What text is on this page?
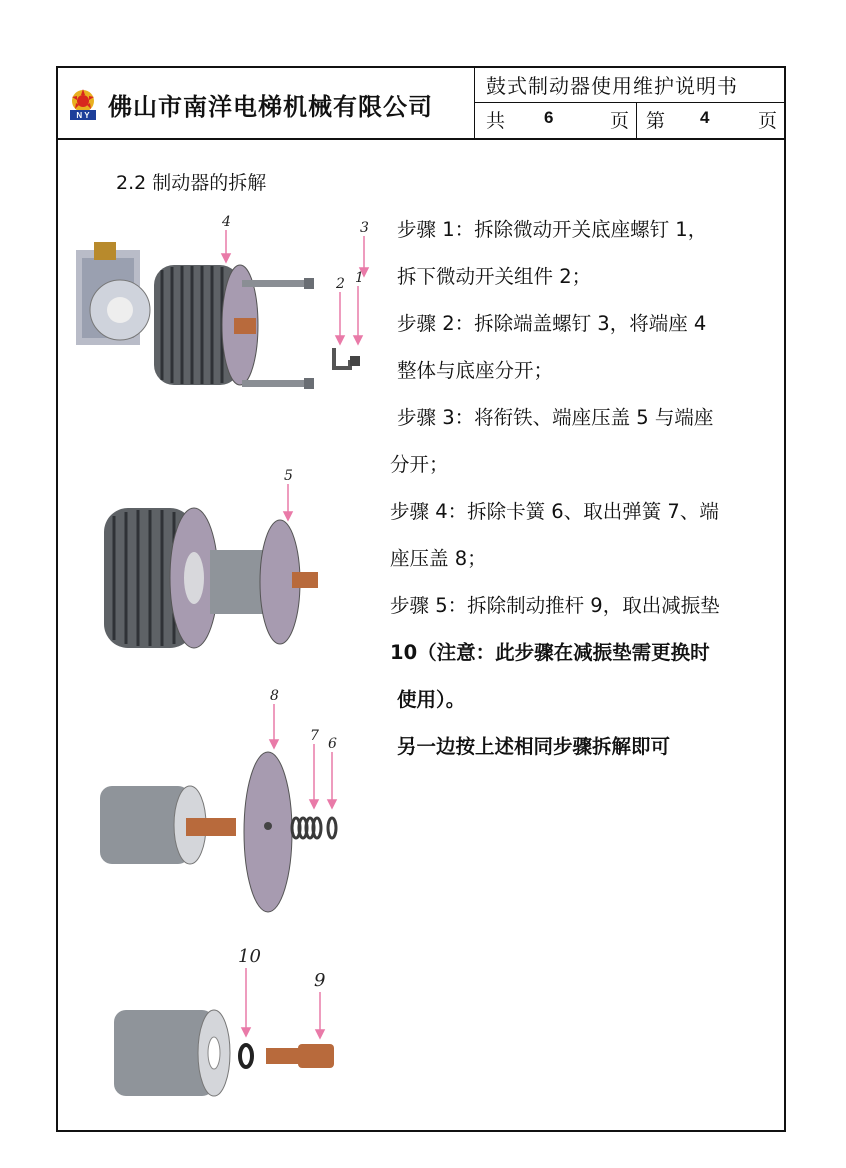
N Y 佛山市南洋电梯机械有限公司
鼓式制动器使用维护说明书
共 6	页 第 4	页
2.2 制动器的拆解

步骤 1：拆除微动开关底座螺钉 1，

拆下微动开关组件 2；

步骤 2：拆除端盖螺钉 3，将端座 4

整体与底座分开；

步骤 3：将衔铁、端座压盖 5 与端座

分开；

步骤 4：拆除卡簧 6、取出弹簧 7、端

座压盖 8；

步骤 5：拆除制动推杆 9，取出减振垫

10（注意：此步骤在减振垫需更换时

使用）。

另一边按上述相同步骤拆解即可

4	3
2 1
5
8
7 6
10
9
